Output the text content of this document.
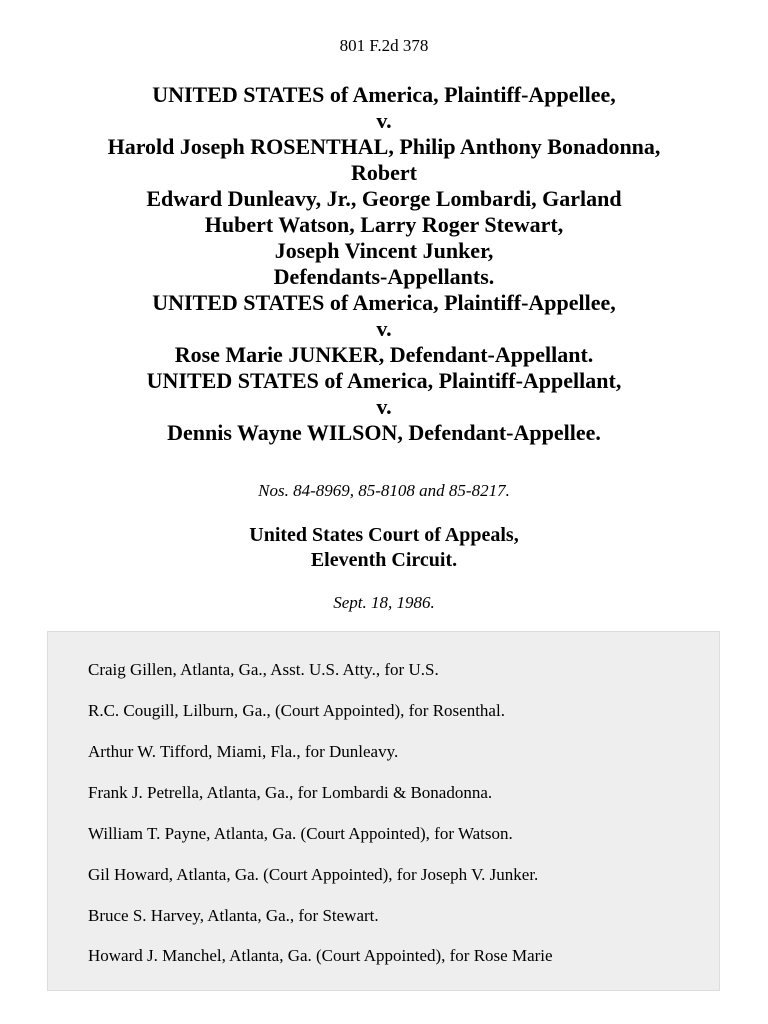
801 F.2d 378
UNITED STATES of America, Plaintiff-Appellee,
v.
Harold Joseph ROSENTHAL, Philip Anthony Bonadonna,
Robert
Edward Dunleavy, Jr., George Lombardi, Garland
Hubert Watson, Larry Roger Stewart,
Joseph Vincent Junker,
Defendants-Appellants.
UNITED STATES of America, Plaintiff-Appellee,
v.
Rose Marie JUNKER, Defendant-Appellant.
UNITED STATES of America, Plaintiff-Appellant,
v.
Dennis Wayne WILSON, Defendant-Appellee.
Nos. 84-8969, 85-8108 and 85-8217.
United States Court of Appeals,
Eleventh Circuit.
Sept. 18, 1986.
Craig Gillen, Atlanta, Ga., Asst. U.S. Atty., for U.S.
R.C. Cougill, Lilburn, Ga., (Court Appointed), for Rosenthal.
Arthur W. Tifford, Miami, Fla., for Dunleavy.
Frank J. Petrella, Atlanta, Ga., for Lombardi & Bonadonna.
William T. Payne, Atlanta, Ga. (Court Appointed), for Watson.
Gil Howard, Atlanta, Ga. (Court Appointed), for Joseph V. Junker.
Bruce S. Harvey, Atlanta, Ga., for Stewart.
Howard J. Manchel, Atlanta, Ga. (Court Appointed), for Rose Marie
